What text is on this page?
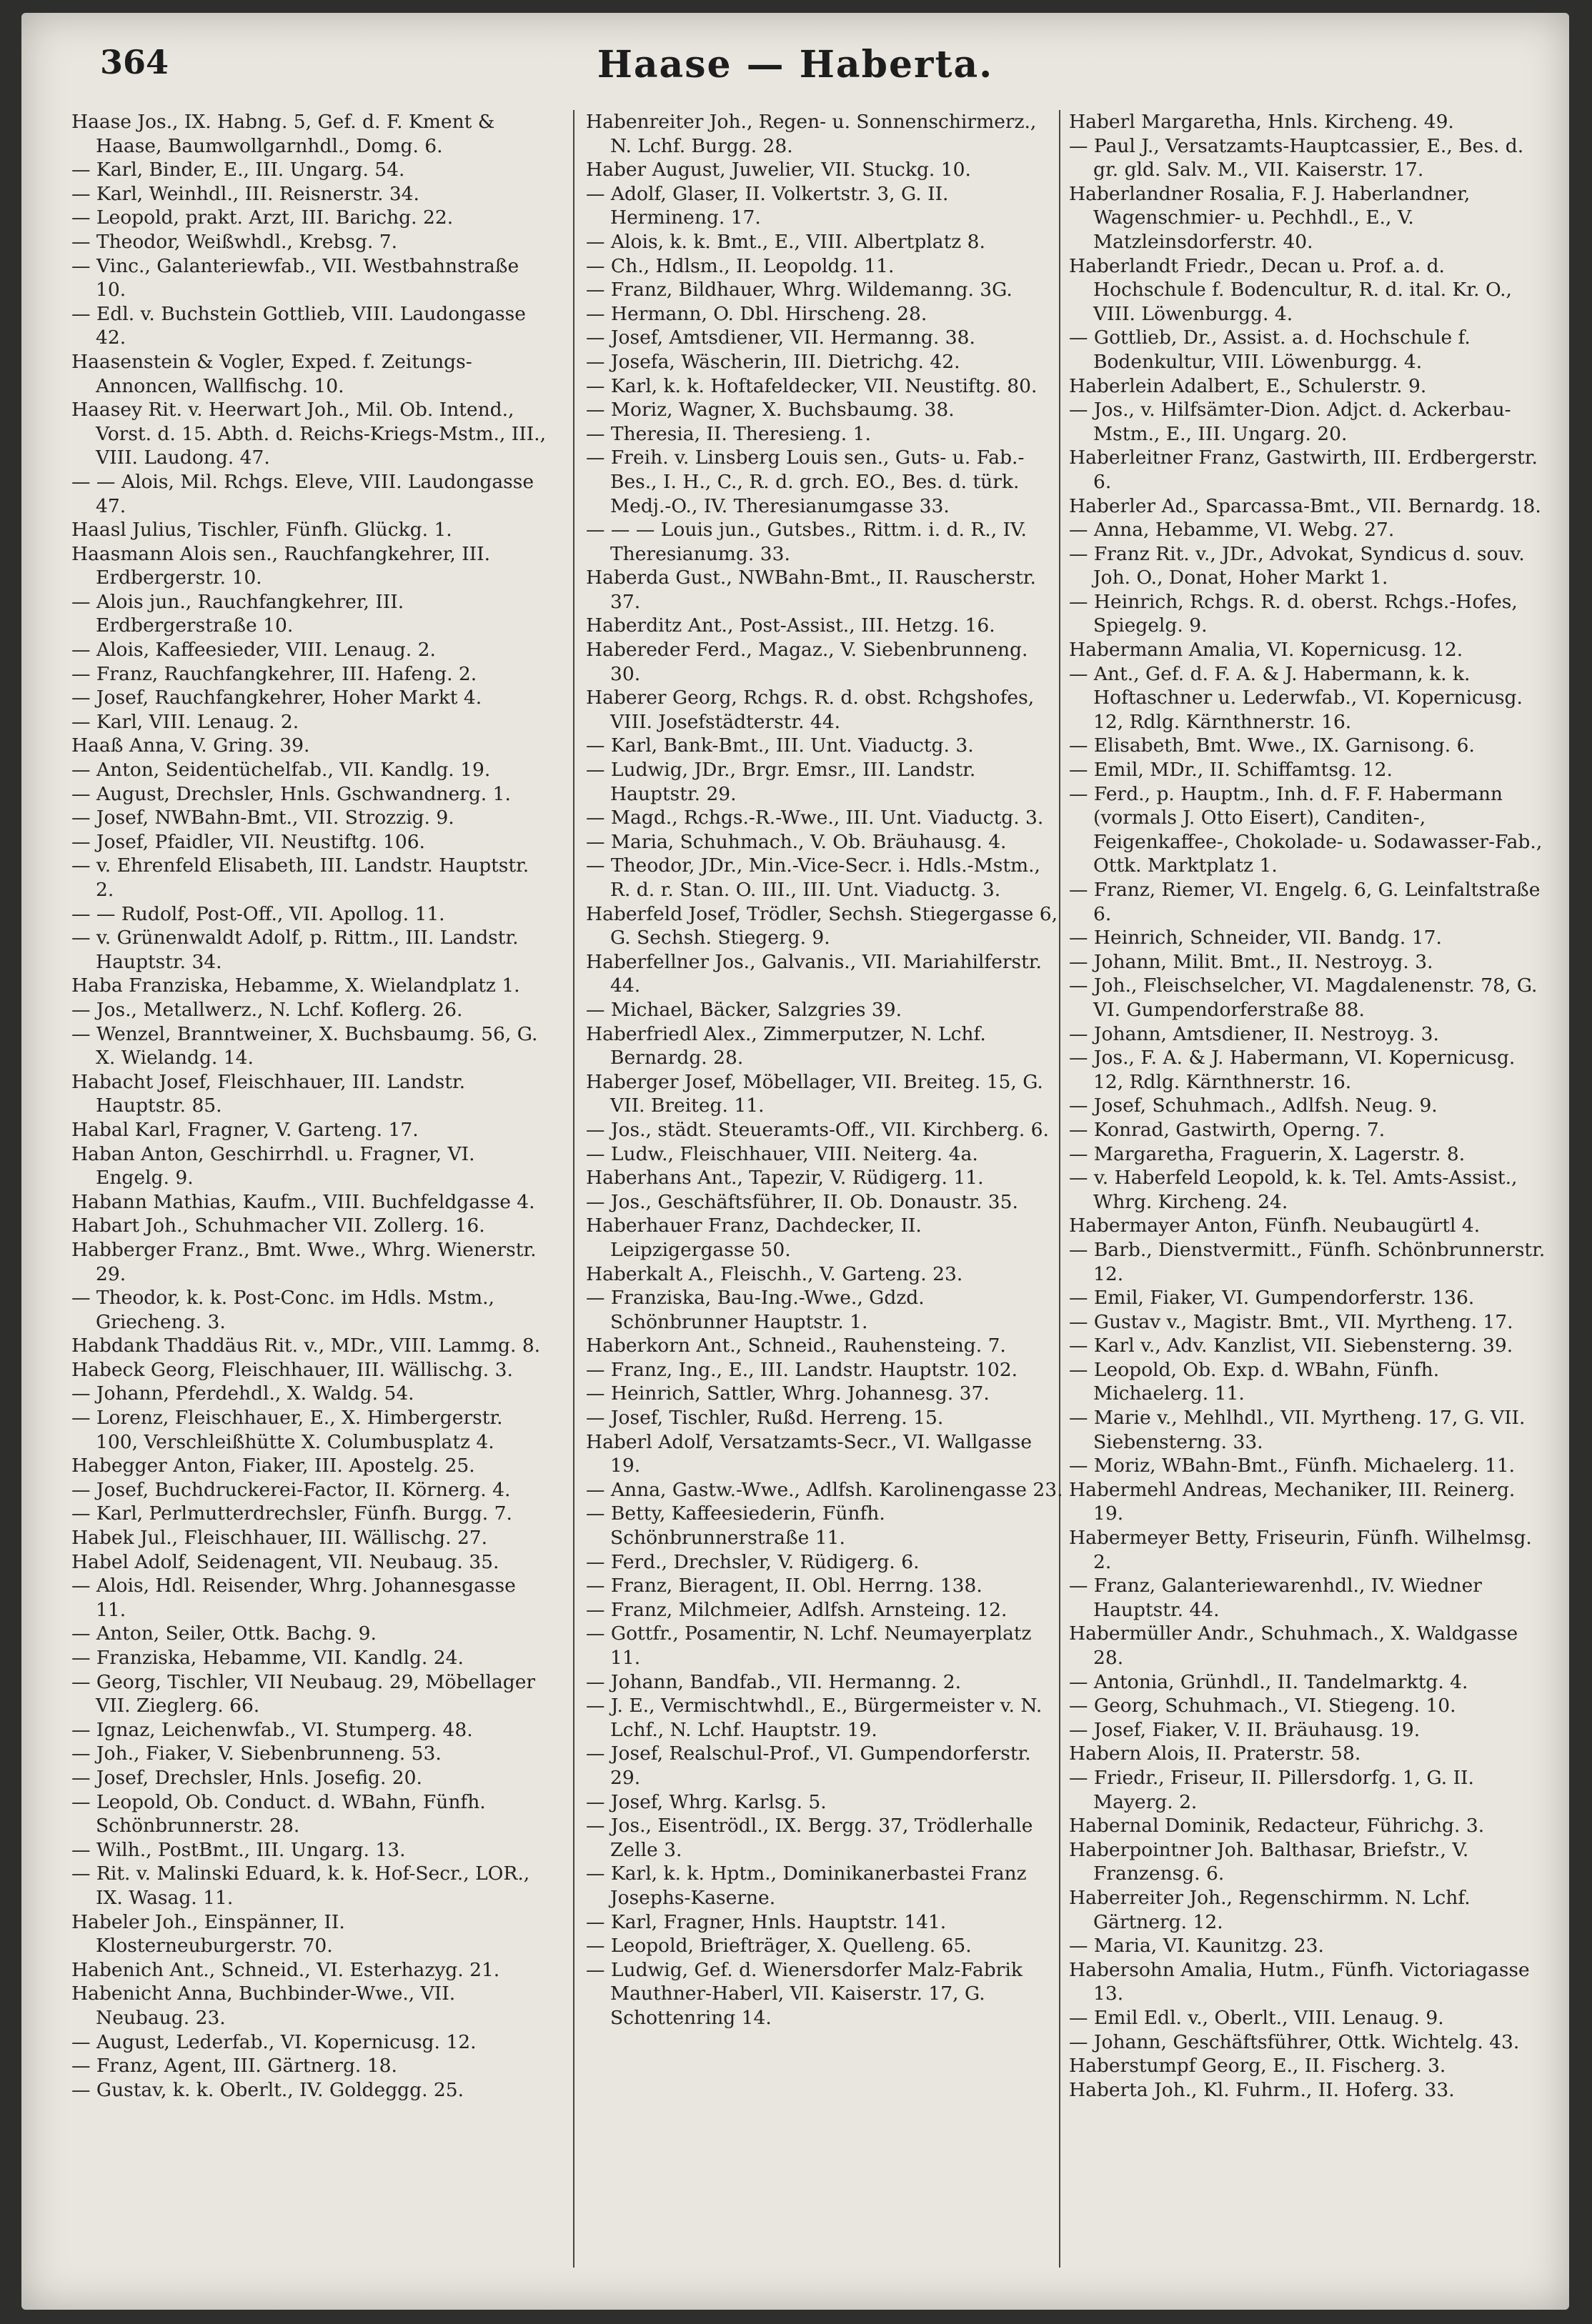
364	Haase — Haberta.
Haase Jos., IX. Habng. 5, Gef. d. F. Kment & Haase, Baumwollgarnhdl., Domg. 6.
— Karl, Binder, E., III. Ungarg. 54.
— Karl, Weinhdl., III. Reisnerstr. 34.
— Leopold, prakt. Arzt, III. Barichg. 22.
— Theodor, Weißwhdl., Krebsg. 7.
— Vinc., Galanteriewfab., VII. Westbahnstraße 10.
— Edl. v. Buchstein Gottlieb, VIII. Laudongasse 42.
Haasenstein & Vogler, Exped. f. Zeitungs-Annoncen, Wallfischg. 10.
Haasey Rit. v. Heerwart Joh., Mil. Ob. Intend., Vorst. d. 15. Abth. d. Reichs-Kriegs-Mstm., III., VIII. Laudong. 47.
— — Alois, Mil. Rchgs. Eleve, VIII. Laudongasse 47.
Haasl Julius, Tischler, Fünfh. Glückg. 1.
Haasmann Alois sen., Rauchfangkehrer, III. Erdbergerstr. 10.
— Alois jun., Rauchfangkehrer, III. Erdbergerstraße 10.
— Alois, Kaffeesieder, VIII. Lenaug. 2.
— Franz, Rauchfangkehrer, III. Hafeng. 2.
— Josef, Rauchfangkehrer, Hoher Markt 4.
— Karl, VIII. Lenaug. 2.
Haaß Anna, V. Gring. 39.
— Anton, Seidentüchelfab., VII. Kandlg. 19.
— August, Drechsler, Hnls. Gschwandnerg. 1.
— Josef, NWBahn-Bmt., VII. Strozzig. 9.
— Josef, Pfaidler, VII. Neustiftg. 106.
— v. Ehrenfeld Elisabeth, III. Landstr. Hauptstr. 2.
— — Rudolf, Post-Off., VII. Apollog. 11.
— v. Grünenwaldt Adolf, p. Rittm., III. Landstr. Hauptstr. 34.
Haba Franziska, Hebamme, X. Wielandplatz 1.
— Jos., Metallwerz., N. Lchf. Koflerg. 26.
— Wenzel, Branntweiner, X. Buchsbaumg. 56, G. X. Wielandg. 14.
Habacht Josef, Fleischhauer, III. Landstr. Hauptstr. 85.
Habal Karl, Fragner, V. Garteng. 17.
Haban Anton, Geschirrhdl. u. Fragner, VI. Engelg. 9.
Habann Mathias, Kaufm., VIII. Buchfeldgasse 4.
Habart Joh., Schuhmacher VII. Zollerg. 16.
Habberger Franz., Bmt. Wwe., Whrg. Wienerstr. 29.
— Theodor, k. k. Post-Conc. im Hdls. Mstm., Griecheng. 3.
Habdank Thaddäus Rit. v., MDr., VIII. Lammg. 8.
Habeck Georg, Fleischhauer, III. Wällischg. 3.
— Johann, Pferdehdl., X. Waldg. 54.
— Lorenz, Fleischhauer, E., X. Himbergerstr. 100, Verschleißhütte X. Columbusplatz 4.
Habegger Anton, Fiaker, III. Apostelg. 25.
— Josef, Buchdruckerei-Factor, II. Körnerg. 4.
— Karl, Perlmutterdrechsler, Fünfh. Burgg. 7.
Habek Jul., Fleischhauer, III. Wällischg. 27.
Habel Adolf, Seidenagent, VII. Neubaug. 35.
— Alois, Hdl. Reisender, Whrg. Johannesgasse 11.
— Anton, Seiler, Ottk. Bachg. 9.
— Franziska, Hebamme, VII. Kandlg. 24.
— Georg, Tischler, VII Neubaug. 29, Möbellager VII. Zieglerg. 66.
— Ignaz, Leichenwfab., VI. Stumperg. 48.
— Joh., Fiaker, V. Siebenbrunneng. 53.
— Josef, Drechsler, Hnls. Josefig. 20.
— Leopold, Ob. Conduct. d. WBahn, Fünfh. Schönbrunnerstr. 28.
— Wilh., PostBmt., III. Ungarg. 13.
— Rit. v. Malinski Eduard, k. k. Hof-Secr., LOR., IX. Wasag. 11.
Habeler Joh., Einspänner, II. Klosterneuburgerstr. 70.
Habenich Ant., Schneid., VI. Esterhazyg. 21.
Habenicht Anna, Buchbinder-Wwe., VII. Neubaug. 23.
— August, Lederfab., VI. Kopernicusg. 12.
— Franz, Agent, III. Gärtnerg. 18.
— Gustav, k. k. Oberlt., IV. Goldeggg. 25.
Habenreiter Joh., Regen- u. Sonnenschirmerz., N. Lchf. Burgg. 28.
Haber August, Juwelier, VII. Stuckg. 10.
— Adolf, Glaser, II. Volkertstr. 3, G. II. Hermineng. 17.
— Alois, k. k. Bmt., E., VIII. Albertplatz 8.
— Ch., Hdlsm., II. Leopoldg. 11.
— Franz, Bildhauer, Whrg. Wildemanng. 3G.
— Hermann, O. Dbl. Hirscheng. 28.
— Josef, Amtsdiener, VII. Hermanng. 38.
— Josefa, Wäscherin, III. Dietrichg. 42.
— Karl, k. k. Hoftafeldecker, VII. Neustiftg. 80.
— Moriz, Wagner, X. Buchsbaumg. 38.
— Theresia, II. Theresieng. 1.
— Freih. v. Linsberg Louis sen., Guts- u. Fab.-Bes., I. H., C., R. d. grch. EO., Bes. d. türk. Medj.-O., IV. Theresianumgasse 33.
— — — Louis jun., Gutsbes., Rittm. i. d. R., IV. Theresianumg. 33.
Haberda Gust., NWBahn-Bmt., II. Rauscherstr. 37.
Haberditz Ant., Post-Assist., III. Hetzg. 16.
Habereder Ferd., Magaz., V. Siebenbrunneng. 30.
Haberer Georg, Rchgs. R. d. obst. Rchgshofes, VIII. Josefstädterstr. 44.
— Karl, Bank-Bmt., III. Unt. Viaductg. 3.
— Ludwig, JDr., Brgr. Emsr., III. Landstr. Hauptstr. 29.
— Magd., Rchgs.-R.-Wwe., III. Unt. Viaductg. 3.
— Maria, Schuhmach., V. Ob. Bräuhausg. 4.
— Theodor, JDr., Min.-Vice-Secr. i. Hdls.-Mstm., R. d. r. Stan. O. III., III. Unt. Viaductg. 3.
Haberfeld Josef, Trödler, Sechsh. Stiegergasse 6, G. Sechsh. Stiegerg. 9.
Haberfellner Jos., Galvanis., VII. Mariahilferstr. 44.
— Michael, Bäcker, Salzgries 39.
Haberfriedl Alex., Zimmerputzer, N. Lchf. Bernardg. 28.
Haberger Josef, Möbellager, VII. Breiteg. 15, G. VII. Breiteg. 11.
— Jos., städt. Steueramts-Off., VII. Kirchberg. 6.
— Ludw., Fleischhauer, VIII. Neiterg. 4a.
Haberhans Ant., Tapezir, V. Rüdigerg. 11.
— Jos., Geschäftsführer, II. Ob. Donaustr. 35.
Haberhauer Franz, Dachdecker, II. Leipzigergasse 50.
Haberkalt A., Fleischh., V. Garteng. 23.
— Franziska, Bau-Ing.-Wwe., Gdzd. Schönbrunner Hauptstr. 1.
Haberkorn Ant., Schneid., Rauhensteing. 7.
— Franz, Ing., E., III. Landstr. Hauptstr. 102.
— Heinrich, Sattler, Whrg. Johannesg. 37.
— Josef, Tischler, Rußd. Herreng. 15.
Haberl Adolf, Versatzamts-Secr., VI. Wallgasse 19.
— Anna, Gastw.-Wwe., Adlfsh. Karolinengasse 23.
— Betty, Kaffeesiederin, Fünfh. Schönbrunnerstraße 11.
— Ferd., Drechsler, V. Rüdigerg. 6.
— Franz, Bieragent, II. Obl. Herrng. 138.
— Franz, Milchmeier, Adlfsh. Arnsteing. 12.
— Gottfr., Posamentir, N. Lchf. Neumayerplatz 11.
— Johann, Bandfab., VII. Hermanng. 2.
— J. E., Vermischtwhdl., E., Bürgermeister v. N. Lchf., N. Lchf. Hauptstr. 19.
— Josef, Realschul-Prof., VI. Gumpendorferstr. 29.
— Josef, Whrg. Karlsg. 5.
— Jos., Eisentrödl., IX. Bergg. 37, Trödlerhalle Zelle 3.
— Karl, k. k. Hptm., Dominikanerbastei Franz Josephs-Kaserne.
— Karl, Fragner, Hnls. Hauptstr. 141.
— Leopold, Briefträger, X. Quelleng. 65.
— Ludwig, Gef. d. Wienersdorfer Malz-Fabrik Mauthner-Haberl, VII. Kaiserstr. 17, G. Schottenring 14.
Haberl Margaretha, Hnls. Kircheng. 49.
— Paul J., Versatzamts-Hauptcassier, E., Bes. d. gr. gld. Salv. M., VII. Kaiserstr. 17.
Haberlandner Rosalia, F. J. Haberlandner, Wagenschmier- u. Pechhdl., E., V. Matzleinsdorferstr. 40.
Haberlandt Friedr., Decan u. Prof. a. d. Hochschule f. Bodencultur, R. d. ital. Kr. O., VIII. Löwenburgg. 4.
— Gottlieb, Dr., Assist. a. d. Hochschule f. Bodenkultur, VIII. Löwenburgg. 4.
Haberlein Adalbert, E., Schulerstr. 9.
— Jos., v. Hilfsämter-Dion. Adjct. d. Ackerbau-Mstm., E., III. Ungarg. 20.
Haberleitner Franz, Gastwirth, III. Erdbergerstr. 6.
Haberler Ad., Sparcassa-Bmt., VII. Bernardg. 18.
— Anna, Hebamme, VI. Webg. 27.
— Franz Rit. v., JDr., Advokat, Syndicus d. souv. Joh. O., Donat, Hoher Markt 1.
— Heinrich, Rchgs. R. d. oberst. Rchgs.-Hofes, Spiegelg. 9.
Habermann Amalia, VI. Kopernicusg. 12.
— Ant., Gef. d. F. A. & J. Habermann, k. k. Hoftaschner u. Lederwfab., VI. Kopernicusg. 12, Rdlg. Kärnthnerstr. 16.
— Elisabeth, Bmt. Wwe., IX. Garnisong. 6.
— Emil, MDr., II. Schiffamtsg. 12.
— Ferd., p. Hauptm., Inh. d. F. F. Habermann (vormals J. Otto Eisert), Canditen-, Feigenkaffee-, Chokolade- u. Sodawasser-Fab., Ottk. Marktplatz 1.
— Franz, Riemer, VI. Engelg. 6, G. Leinfaltstraße 6.
— Heinrich, Schneider, VII. Bandg. 17.
— Johann, Milit. Bmt., II. Nestroyg. 3.
— Joh., Fleischselcher, VI. Magdalenenstr. 78, G. VI. Gumpendorferstraße 88.
— Johann, Amtsdiener, II. Nestroyg. 3.
— Jos., F. A. & J. Habermann, VI. Kopernicusg. 12, Rdlg. Kärnthnerstr. 16.
— Josef, Schuhmach., Adlfsh. Neug. 9.
— Konrad, Gastwirth, Operng. 7.
— Margaretha, Fraguerin, X. Lagerstr. 8.
— v. Haberfeld Leopold, k. k. Tel. Amts-Assist., Whrg. Kircheng. 24.
Habermayer Anton, Fünfh. Neubaugürtl 4.
— Barb., Dienstvermitt., Fünfh. Schönbrunnerstr. 12.
— Emil, Fiaker, VI. Gumpendorferstr. 136.
— Gustav v., Magistr. Bmt., VII. Myrtheng. 17.
— Karl v., Adv. Kanzlist, VII. Siebensterng. 39.
— Leopold, Ob. Exp. d. WBahn, Fünfh. Michaelerg. 11.
— Marie v., Mehlhdl., VII. Myrtheng. 17, G. VII. Siebensterng. 33.
— Moriz, WBahn-Bmt., Fünfh. Michaelerg. 11.
Habermehl Andreas, Mechaniker, III. Reinerg. 19.
Habermeyer Betty, Friseurin, Fünfh. Wilhelmsg. 2.
— Franz, Galanteriewarenhdl., IV. Wiedner Hauptstr. 44.
Habermüller Andr., Schuhmach., X. Waldgasse 28.
— Antonia, Grünhdl., II. Tandelmarktg. 4.
— Georg, Schuhmach., VI. Stiegeng. 10.
— Josef, Fiaker, V. II. Bräuhausg. 19.
Habern Alois, II. Praterstr. 58.
— Friedr., Friseur, II. Pillersdorfg. 1, G. II. Mayerg. 2.
Habernal Dominik, Redacteur, Führichg. 3.
Haberpointner Joh. Balthasar, Briefstr., V. Franzensg. 6.
Haberreiter Joh., Regenschirmm. N. Lchf. Gärtnerg. 12.
— Maria, VI. Kaunitzg. 23.
Habersohn Amalia, Hutm., Fünfh. Victoriagasse 13.
— Emil Edl. v., Oberlt., VIII. Lenaug. 9.
— Johann, Geschäftsführer, Ottk. Wichtelg. 43.
Haberstumpf Georg, E., II. Fischerg. 3.
Haberta Joh., Kl. Fuhrm., II. Hoferg. 33.
